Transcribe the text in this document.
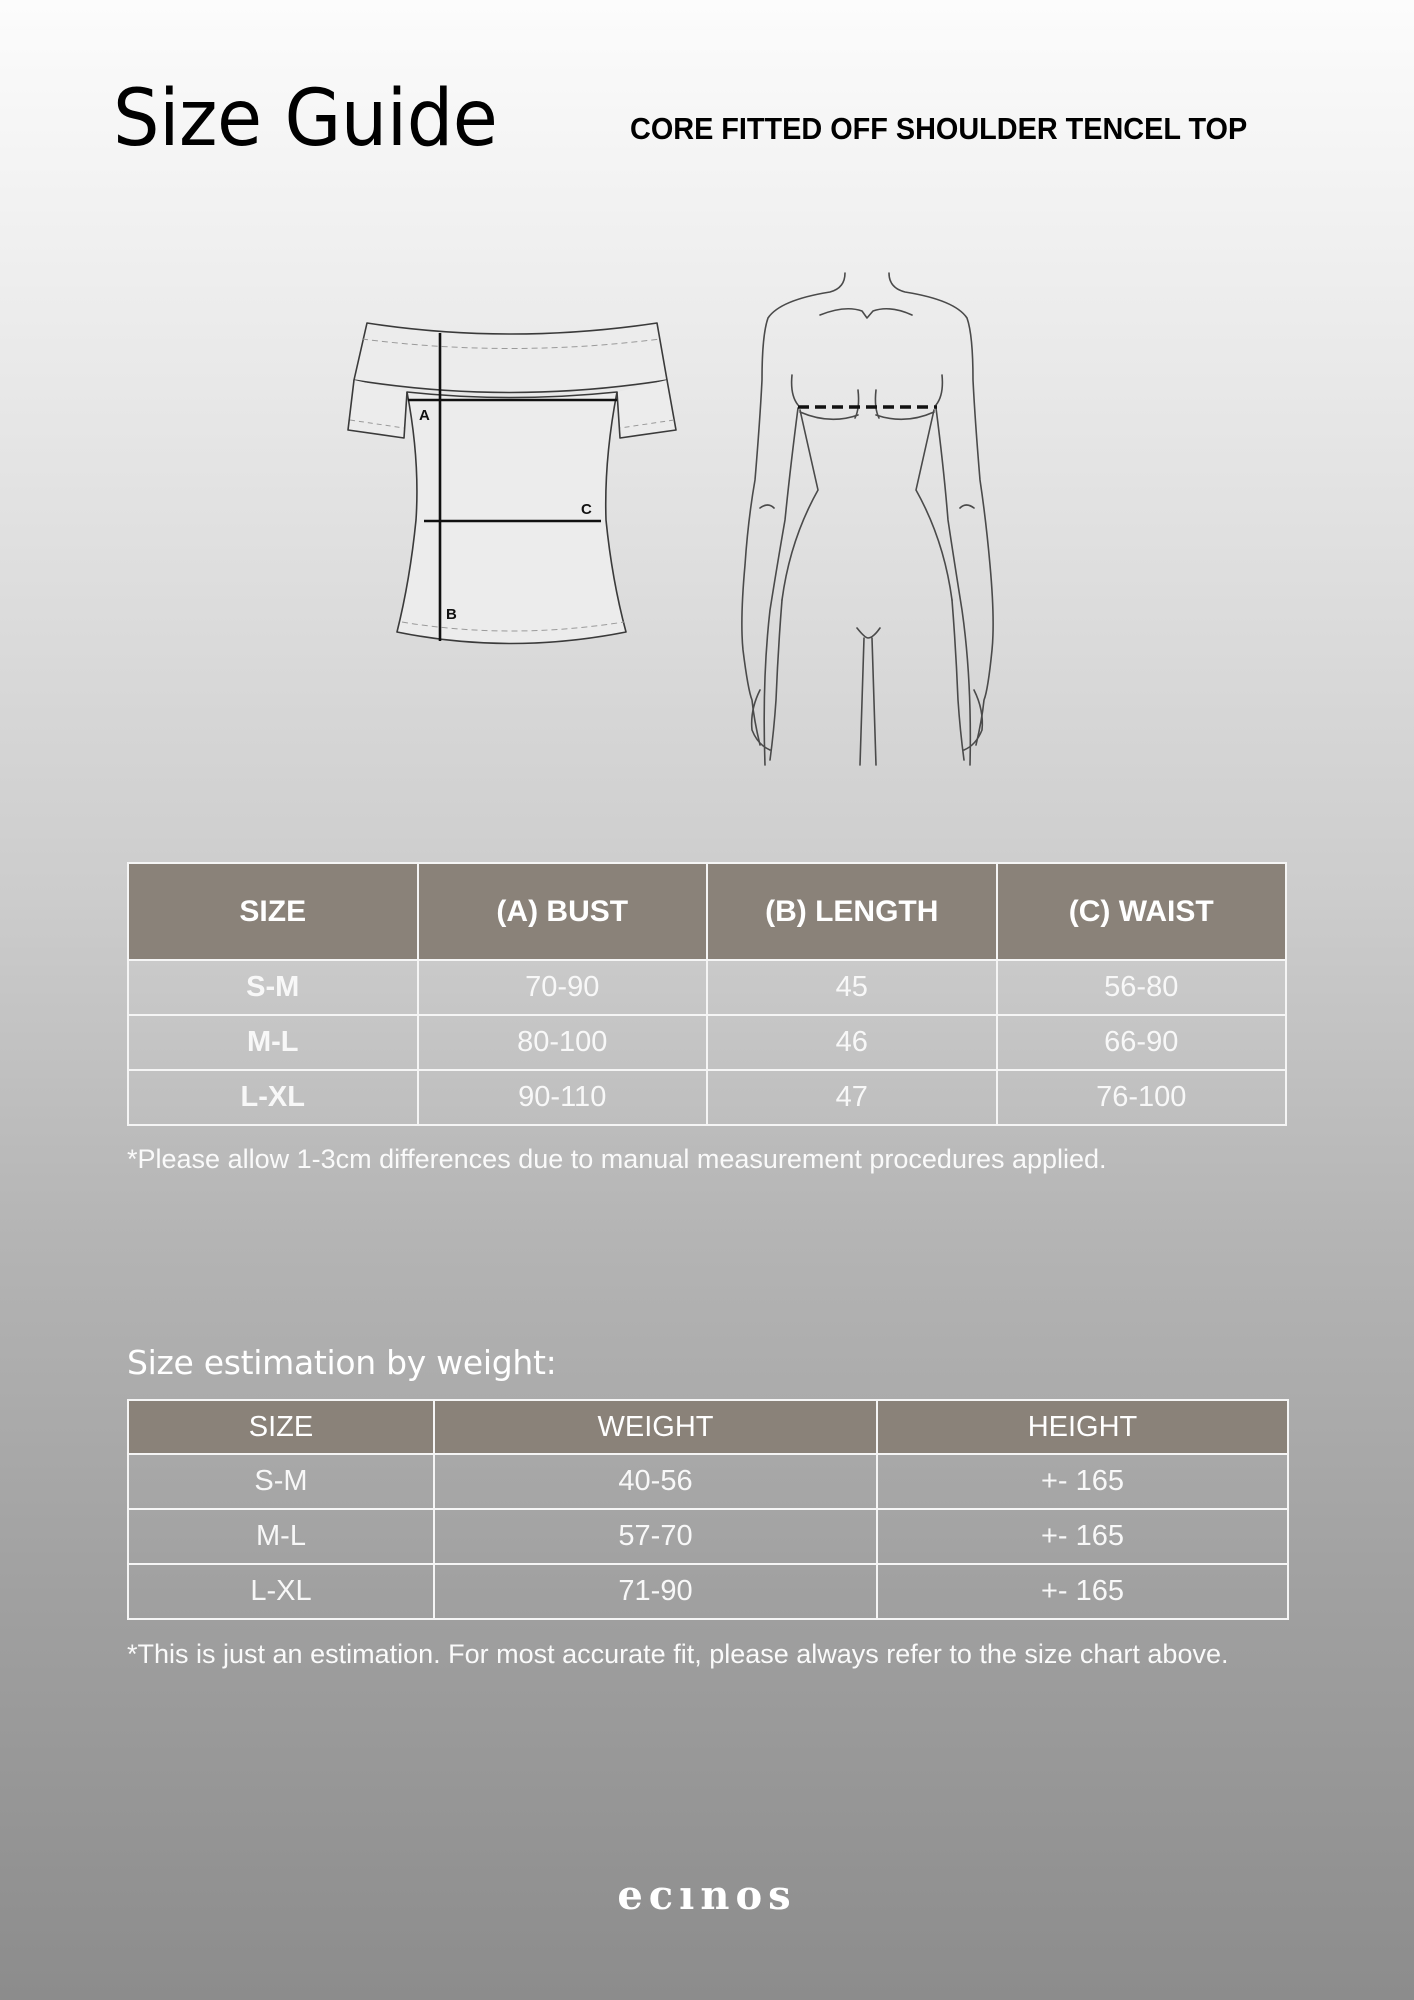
Size Guide	CORE FITTED OFF SHOULDER TENCEL TOP
A
C
B
SIZE	(A) BUST	(B) LENGTH	(C) WAIST
S-M	70-90	45	56-80
M-L	80-100	46	66-90
L-XL	90-110	47	76-100
*Please allow 1-3cm differences due to manual measurement procedures applied.
Size estimation by weight:
SIZE	WEIGHT	HEIGHT
S-M	40-56	+- 165
M-L	57-70	+- 165
L-XL	71-90	+- 165
*This is just an estimation. For most accurate fit, please always refer to the size chart above.
ecınos
